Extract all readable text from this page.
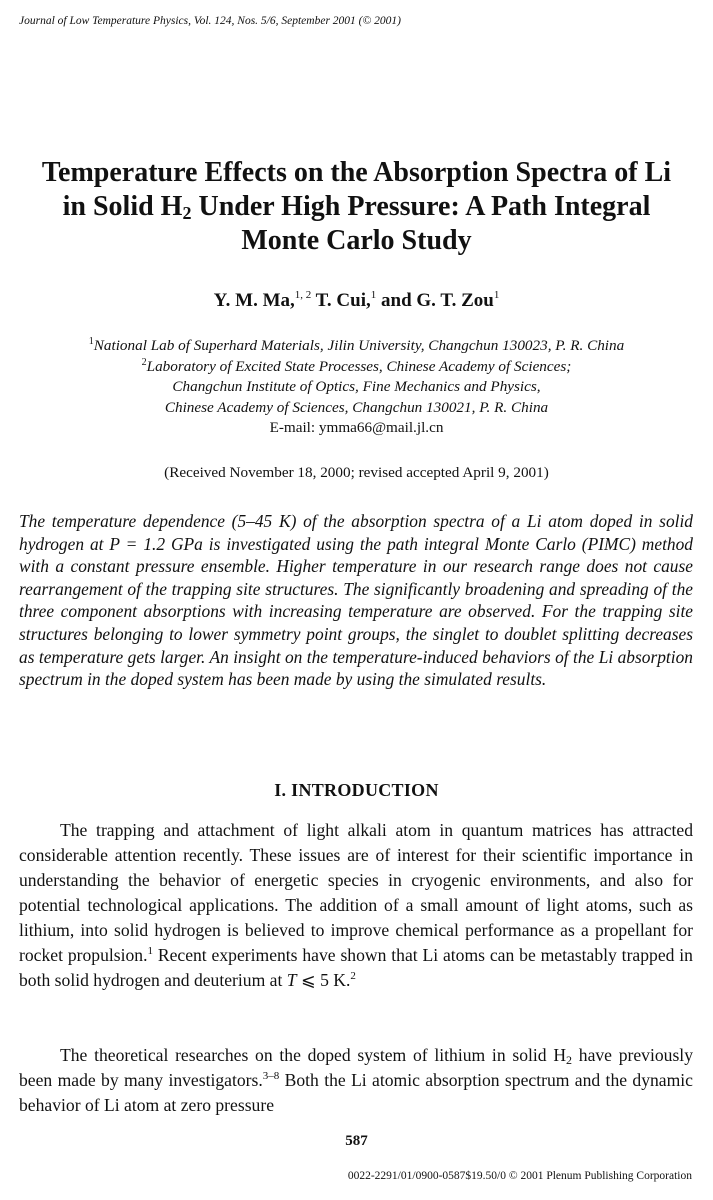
Journal of Low Temperature Physics, Vol. 124, Nos. 5/6, September 2001 (© 2001)
Temperature Effects on the Absorption Spectra of Li
in Solid $H_2$ Under High Pressure: A Path Integral
Monte Carlo Study
Y. M. Ma,$^{1, 2}$ T. Cui,$^1$ and G. T. Zou$^1$
$^1$National Lab of Superhard Materials, Jilin University, Changchun 130023, P. R. China
$^2$Laboratory of Excited State Processes, Chinese Academy of Sciences;
Changchun Institute of Optics, Fine Mechanics and Physics,
Chinese Academy of Sciences, Changchun 130021, P. R. China
E-mail: ymma66@mail.jl.cn
(Received November 18, 2000; revised accepted April 9, 2001)

The temperature dependence (5–45 K) of the absorption spectra of a Li atom doped in solid hydrogen at P = 1.2 GPa is investigated using the path integral Monte Carlo (PIMC) method with a constant pressure ensemble. Higher temperature in our research range does not cause rearrangement of the trapping site structures. The significantly broadening and spreading of the three component absorptions with increasing temperature are observed. For the trapping site structures belonging to lower symmetry point groups, the singlet to doublet splitting decreases as temperature gets larger. An insight on the temperature-induced behaviors of the Li absorption spectrum in the doped system has been made by using the simulated results.

I. INTRODUCTION

The trapping and attachment of light alkali atom in quantum matrices has attracted considerable attention recently. These issues are of interest for their scientific importance in understanding the behavior of energetic species in cryogenic environments, and also for potential technological applications. The addition of a small amount of light atoms, such as lithium, into solid hydrogen is believed to improve chemical performance as a propellant for rocket propulsion.$^1$ Recent experiments have shown that Li atoms can be metastably trapped in both solid hydrogen and deuterium at T ⩽ 5 K.$^2$

The theoretical researches on the doped system of lithium in solid $H_2$ have previously been made by many investigators.$^{3-8}$ Both the Li atomic absorption spectrum and the dynamic behavior of Li atom at zero pressure

587
0022-2291/01/0900-0587$19.50/0 © 2001 Plenum Publishing Corporation
